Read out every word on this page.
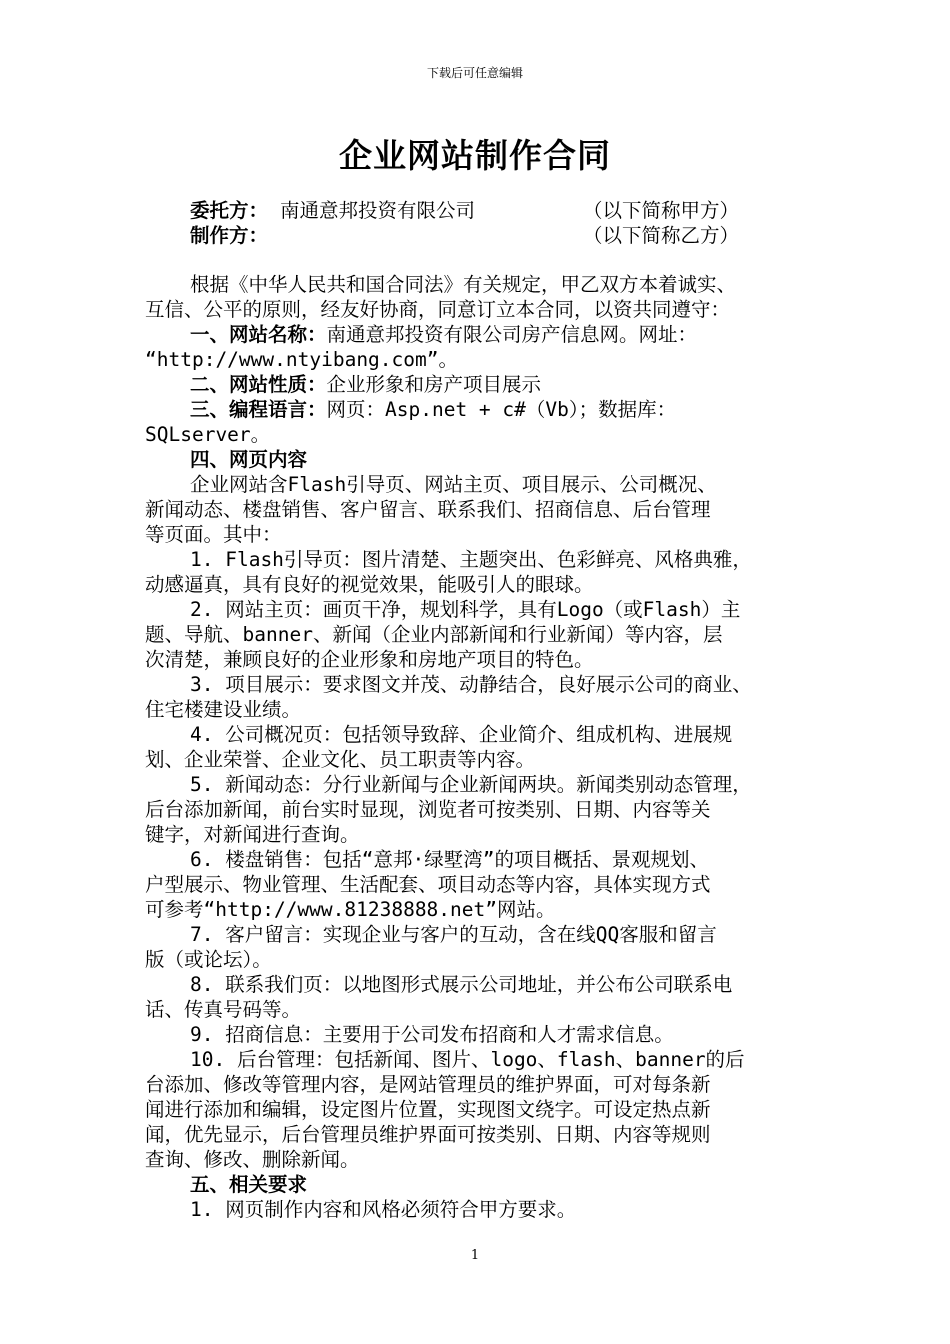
下载后可任意编辑
企业网站制作合同
委托方： 南通意邦投资有限公司	（以下简称甲方）
制作方：	（以下简称乙方）
根据《中华人民共和国合同法》有关规定，甲乙双方本着诚实、
互信、公平的原则，经友好协商，同意订立本合同，以资共同遵守：
一、网站名称：南通意邦投资有限公司房产信息网。网址：
“http://www.ntyibang.com”。
二、网站性质：企业形象和房产项目展示
三、编程语言：网页：Asp.net + c#（Vb）；数据库：
SQLserver。
四、网页内容
企业网站含Flash引导页、网站主页、项目展示、公司概况、
新闻动态、楼盘销售、客户留言、联系我们、招商信息、后台管理
等页面。其中：
1. Flash引导页：图片清楚、主题突出、色彩鲜亮、风格典雅，
动感逼真，具有良好的视觉效果，能吸引人的眼球。
2. 网站主页：画页干净，规划科学，具有Logo（或Flash）主
题、导航、banner、新闻（企业内部新闻和行业新闻）等内容，层
次清楚，兼顾良好的企业形象和房地产项目的特色。
3. 项目展示：要求图文并茂、动静结合，良好展示公司的商业、
住宅楼建设业绩。
4. 公司概况页：包括领导致辞、企业简介、组成机构、进展规
划、企业荣誉、企业文化、员工职责等内容。
5. 新闻动态：分行业新闻与企业新闻两块。新闻类别动态管理，
后台添加新闻，前台实时显现，浏览者可按类别、日期、内容等关
键字，对新闻进行查询。
6. 楼盘销售：包括“意邦·绿墅湾”的项目概括、景观规划、
户型展示、物业管理、生活配套、项目动态等内容，具体实现方式
可参考“http://www.81238888.net”网站。
7. 客户留言：实现企业与客户的互动，含在线QQ客服和留言
版（或论坛）。
8. 联系我们页：以地图形式展示公司地址，并公布公司联系电
话、传真号码等。
9. 招商信息：主要用于公司发布招商和人才需求信息。
10. 后台管理：包括新闻、图片、logo、flash、banner的后
台添加、修改等管理内容，是网站管理员的维护界面，可对每条新
闻进行添加和编辑，设定图片位置，实现图文绕字。可设定热点新
闻，优先显示，后台管理员维护界面可按类别、日期、内容等规则
查询、修改、删除新闻。
五、相关要求
1. 网页制作内容和风格必须符合甲方要求。
1
